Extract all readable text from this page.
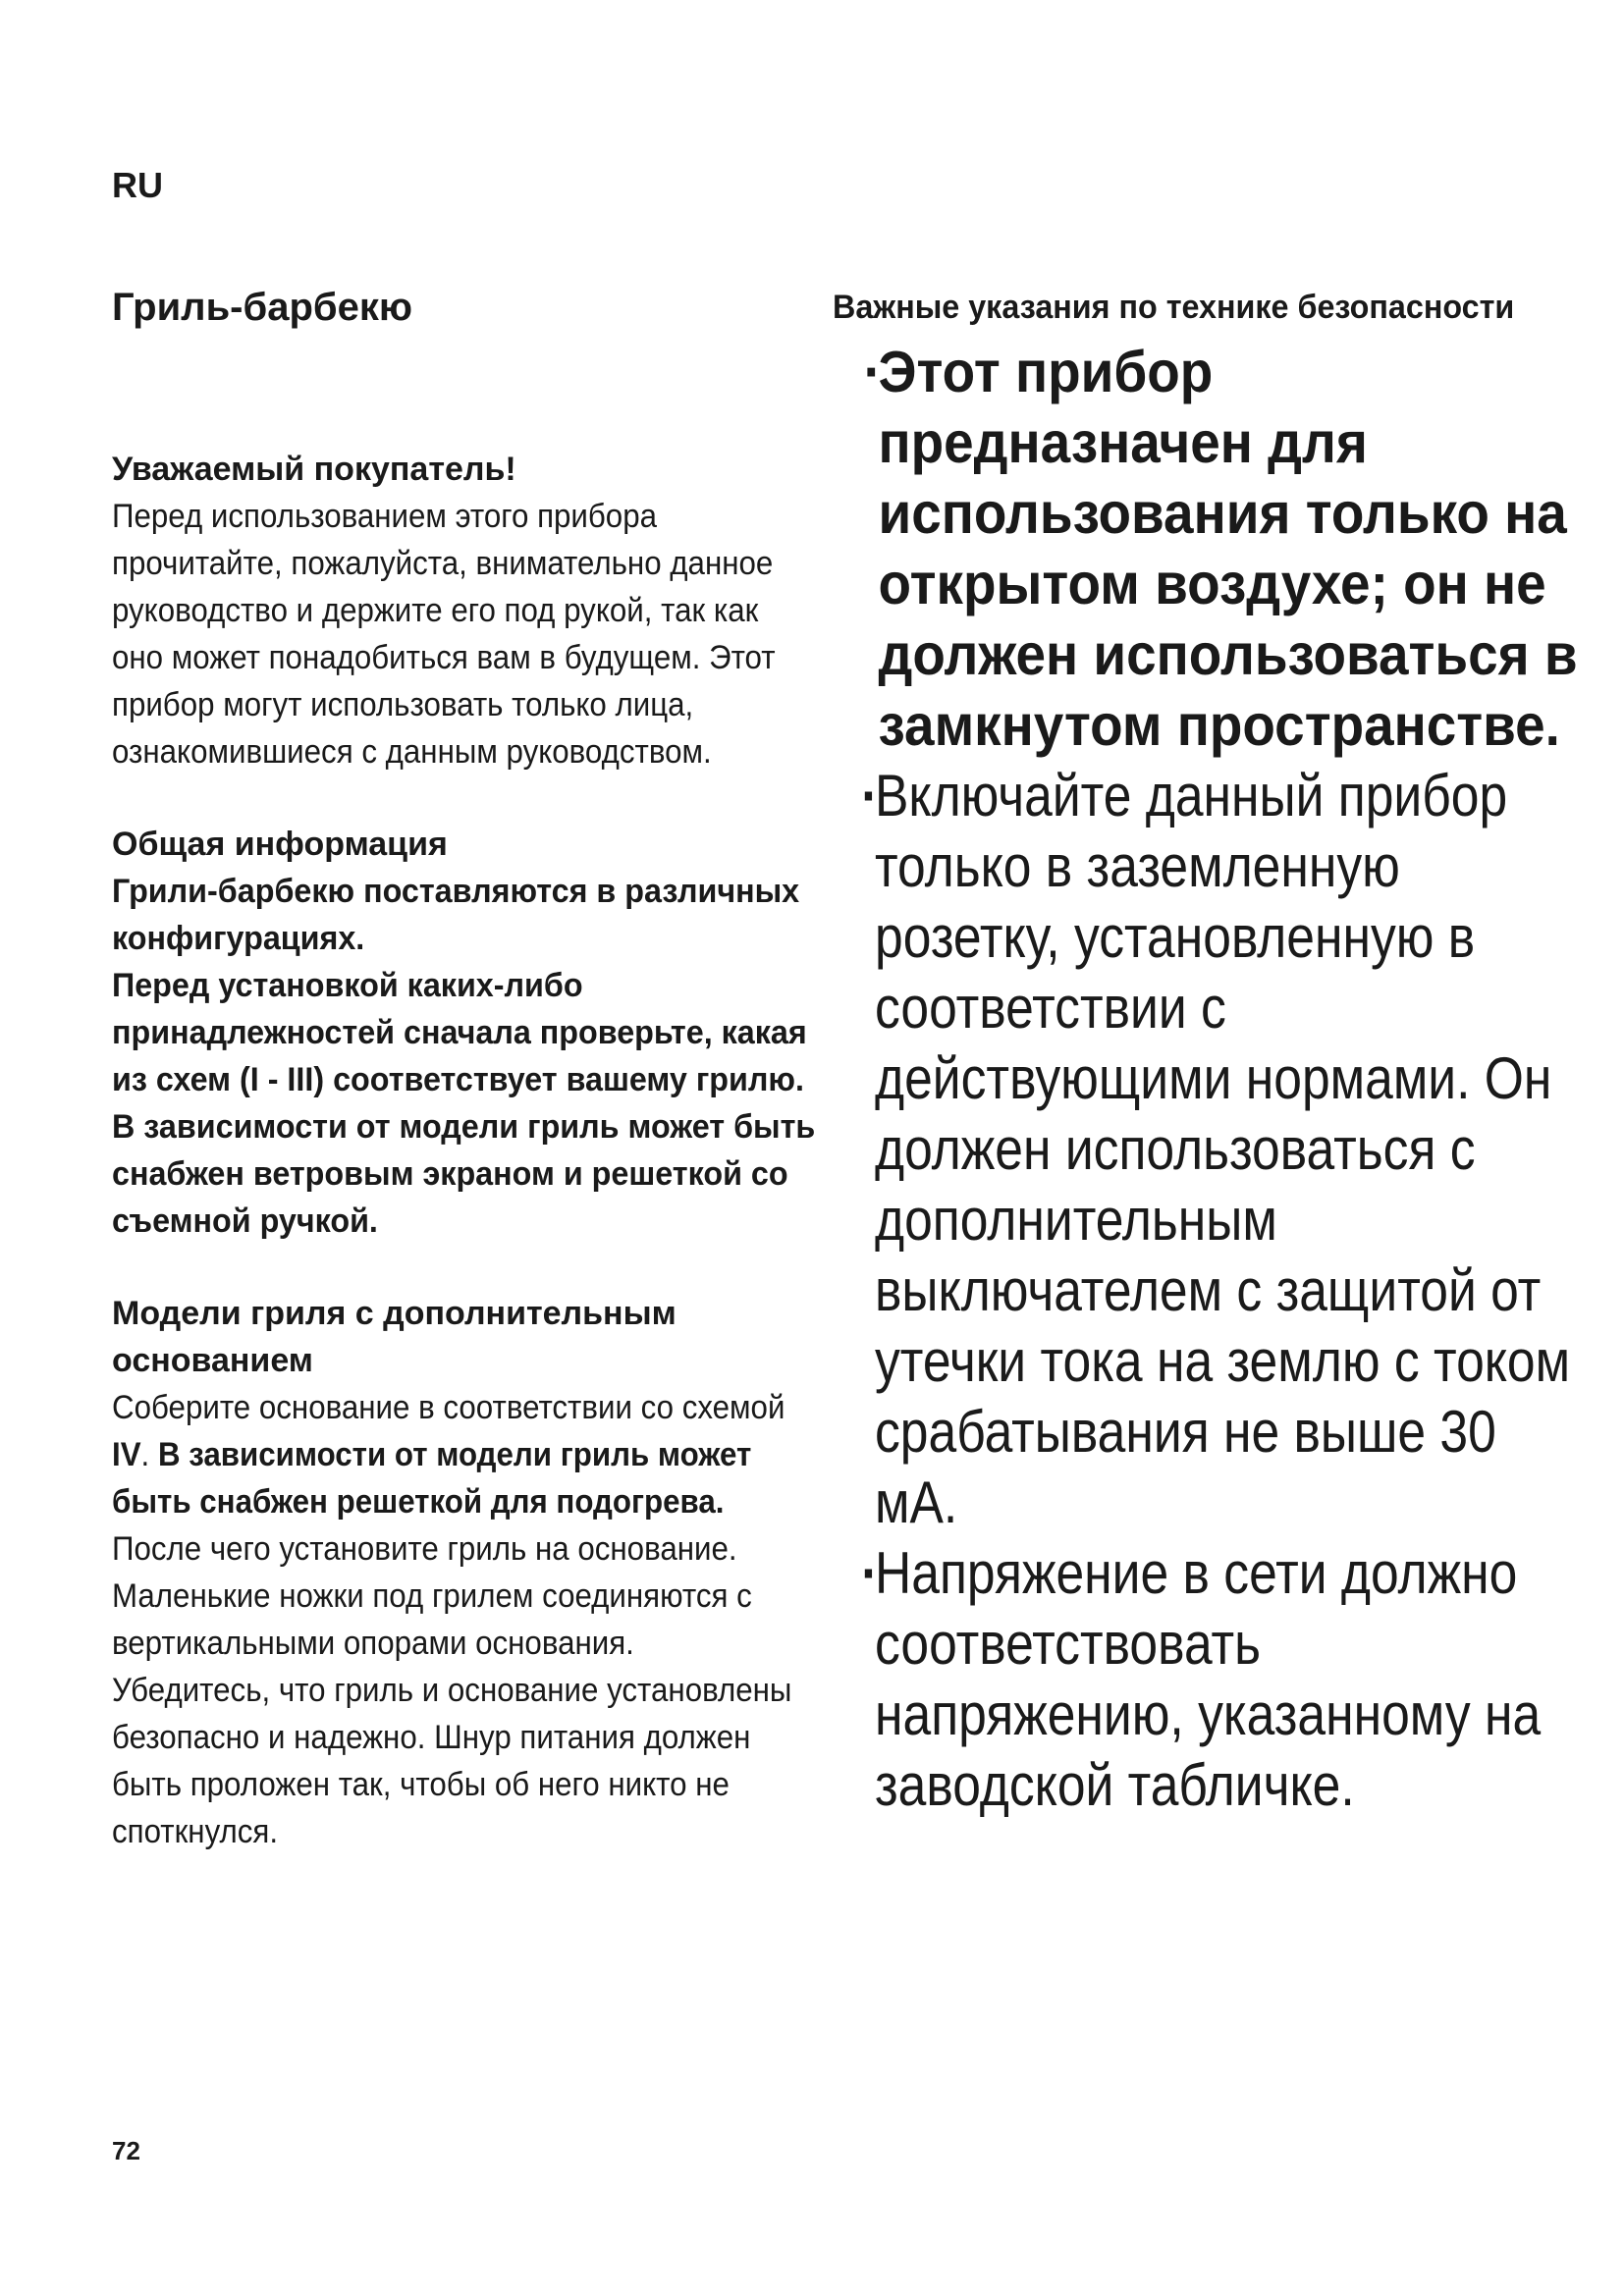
RU
Гриль-барбекю
Уважаемый покупатель!

Перед использованием этого прибора прочитайте, пожалуйста, внимательно данное руководство и держите его под рукой, так как оно может понадобиться вам в будущем. Этот прибор могут использовать только лица, ознакомившиеся с данным руководством.

Общая информация

Грили-барбекю поставляются в различных конфигурациях.

Перед установкой каких-либо принадлежностей сначала проверьте, какая из схем (I - III) соответствует вашему грилю.

В зависимости от модели гриль может быть снабжен ветровым экраном и решеткой со съемной ручкой.

Модели гриля с дополнительным основанием

Соберите основание в соответствии со схемой IV. В зависимости от модели гриль может быть снабжен решеткой для подогрева.

После чего установите гриль на основание. Маленькие ножки под грилем соединяются с вертикальными опорами основания.

Убедитесь, что гриль и основание установлены безопасно и надежно. Шнур питания должен быть проложен так, чтобы об него никто не споткнулся.

Важные указания по технике безопасности
·
Этот прибор предназначен для использования только на открытом воздухе; он не должен использоваться в замкнутом пространстве.
·
Включайте данный прибор только в заземленную розетку, установленную в соответствии с действующими нормами. Он должен использоваться с дополнительным выключателем с защитой от утечки тока на землю с током срабатывания не выше 30 мА.
·
Напряжение в сети должно соответствовать напряжению, указанному на заводской табличке.
72
